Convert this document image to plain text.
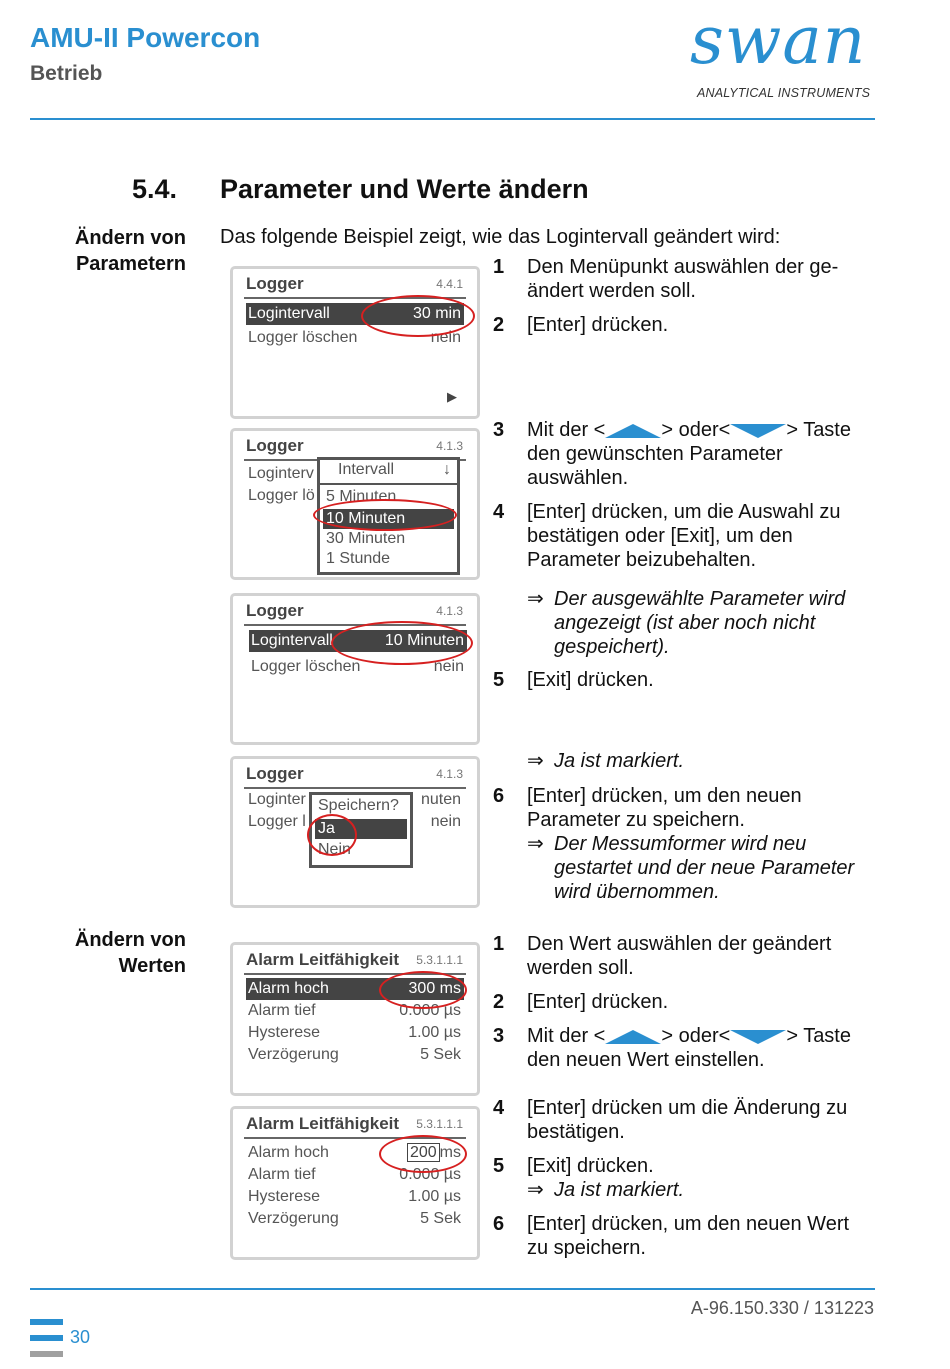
AMU-II Powercon
Betrieb	swan
ANALYTICAL INSTRUMENTS
5.4. Parameter und Werte ändern
Ändern von
Parametern
Ändern von
Werten
Das folgende Beispiel zeigt, wie das Logintervall geändert wird:
1 Den Menüpunkt auswählen der ge-ändert werden soll.
2 [Enter] drücken.
3 Mit der <	> oder<	> Taste den gewünschten Parameter auswählen.
4 [Enter] drücken, um die Auswahl zu bestätigen oder [Exit], um den Parameter beizubehalten.
⇒ Der ausgewählte Parameter wird angezeigt (ist aber noch nicht gespeichert).
5 [Exit] drücken.
⇒ Ja ist markiert.
6 [Enter] drücken, um den neuen Parameter zu speichern.
⇒ Der Messumformer wird neu gestartet und der neue Parameter wird übernommen.
1 Den Wert auswählen der geändert werden soll.
2 [Enter] drücken.
3 Mit der <	> oder<	> Taste den neuen Wert einstellen.
4 [Enter] drücken um die Änderung zu bestätigen.
5 [Exit] drücken.
⇒ Ja ist markiert.
6 [Enter] drücken, um den neuen Wert zu speichern.
Logger	4.4.1
Logintervall	30 min
Logger löschen	nein
▶
Logger	4.1.3
Loginterv
Logger lö
Intervall	↓
5 Minuten
10 Minuten
30 Minuten
1 Stunde
Logger	4.1.3
Logintervall	10 Minuten
Logger löschen	nein
Logger	4.1.3
Loginter	nuten
Logger l	nein
Speichern?
Ja
Nein
Alarm Leitfähigkeit 5.3.1.1.1
Alarm hoch	300 ms
Alarm tief	0.000 µs
Hysterese	1.00 µs
Verzögerung	5 Sek
Alarm Leitfähigkeit 5.3.1.1.1
Alarm hoch	200 ms
Alarm tief	0.000 µs
Hysterese	1.00 µs
Verzögerung	5 Sek
A-96.150.330 / 131223
30
